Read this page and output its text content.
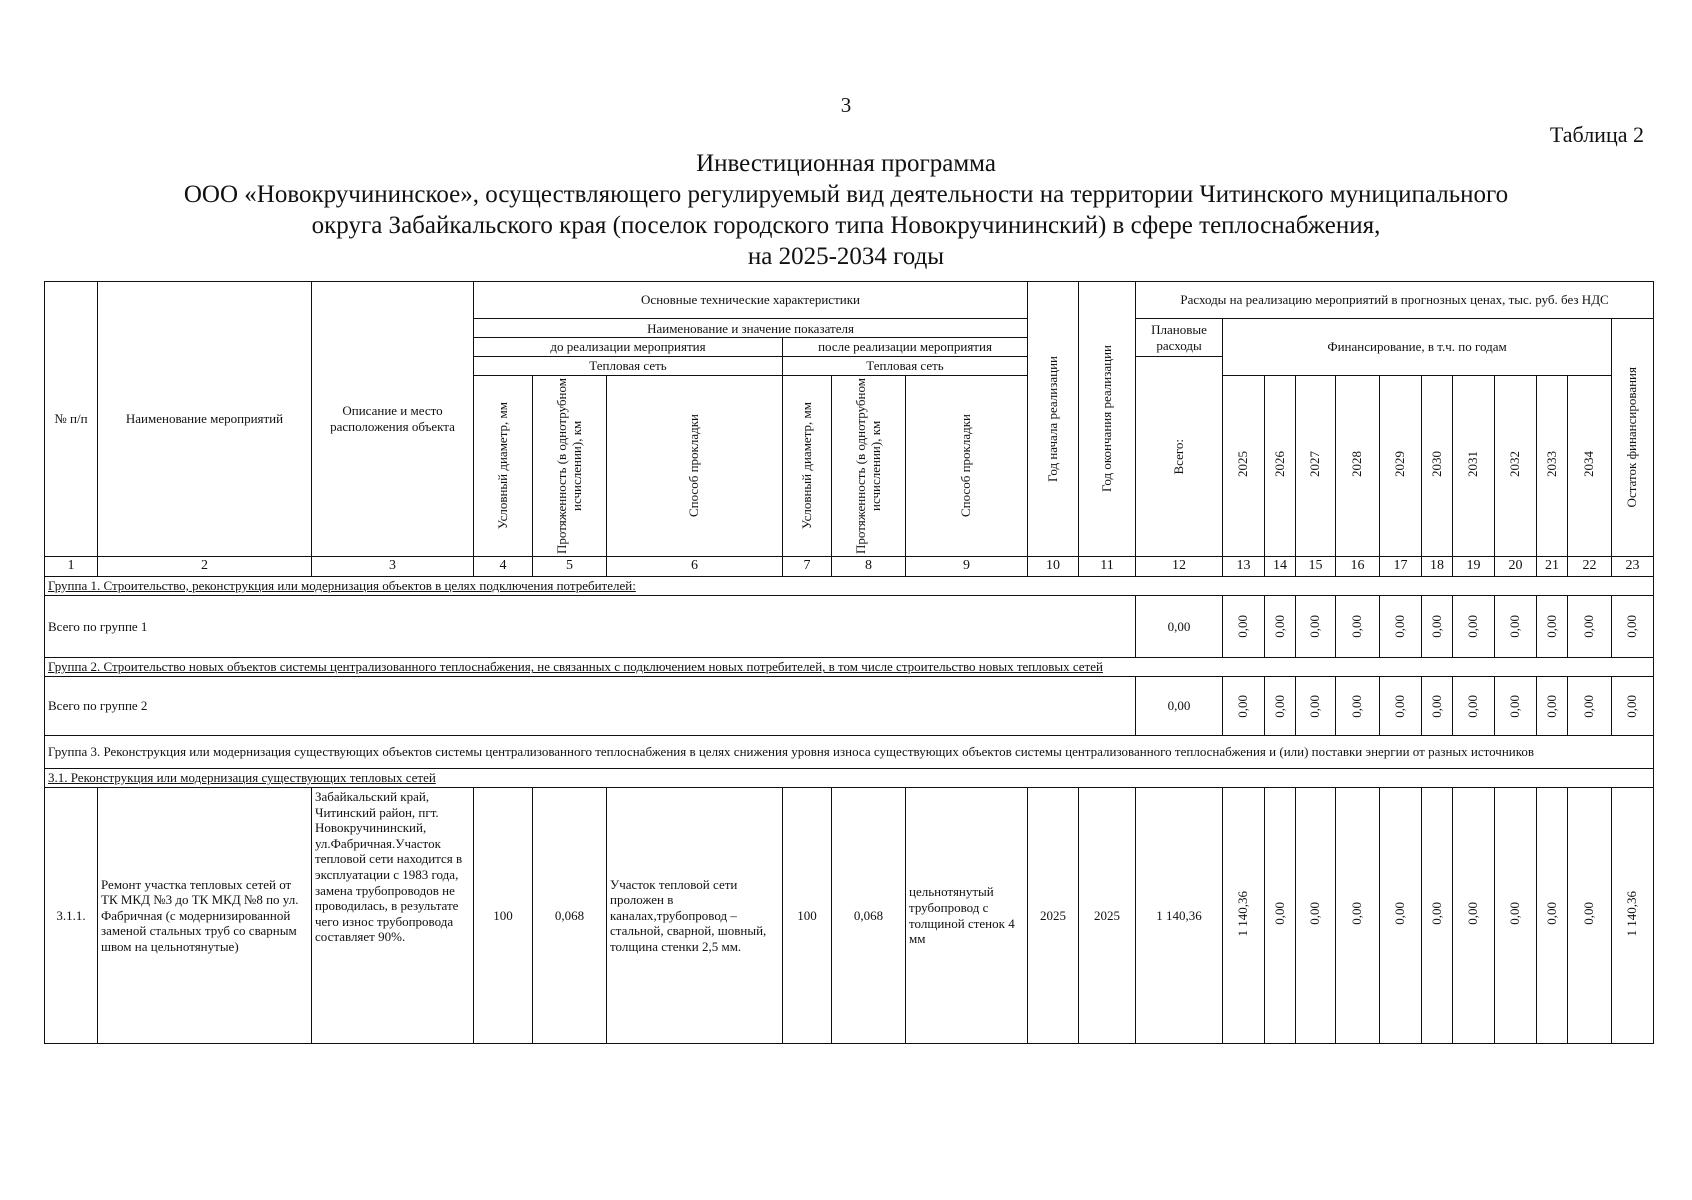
3
Таблица 2
Инвестиционная программа
ООО «Новокручининское», осуществляющего регулируемый вид деятельности на территории Читинского муниципального
округа Забайкальского края (поселок городского типа Новокручининский) в сфере теплоснабжения,
на 2025-2034 годы
№ п/п	Наименование мероприятий	Описание и место расположения объекта	Основные технические характеристики						Год начала реализации	Год окончания реализации	Расходы на реализацию мероприятий в прогнозных ценах, тыс. руб. без НДС											
			Наименование и значение показателя								Плановые расходы	Финансирование, в т.ч. по годам										Остаток финансирования

			до реализации мероприятия			после реализации мероприятия																
			Тепловая сеть			Тепловая сеть					Всего:											

			Условный диаметр, мм	Протяженность (в однотрубном исчислении), км	Способ прокладки	Условный диаметр, мм	Протяженность (в однотрубном исчислении), км	Способ прокладки				2025	2026	2027	2028	2029	2030	2031	2032	2033	2034	
1	2	3	4	5	6	7	8	9	10	11	12	13	14	15	16	17	18	19	20	21	22	23
Группа 1. Строительство, реконструкция или модернизация объектов в целях подключения потребителей:																						
Всего по группе 1											0,00	0,00	0,00	0,00	0,00	0,00	0,00	0,00	0,00	0,00	0,00	0,00

Группа 2. Строительство новых объектов системы централизованного теплоснабжения, не связанных с подключением новых потребителей, в том числе строительство новых тепловых сетей																						
Всего по группе 2											0,00	0,00	0,00	0,00	0,00	0,00	0,00	0,00	0,00	0,00	0,00	0,00

Группа 3. Реконструкция или модернизация существующих объектов системы централизованного теплоснабжения в целях снижения уровня износа существующих объектов системы централизованного теплоснабжения и (или) поставки энергии от разных источников																						
3.1. Реконструкция или модернизация существующих тепловых сетей																						
3.1.1.	Ремонт участка тепловых сетей от ТК МКД №3 до ТК МКД №8 по ул. Фабричная (с модернизированной заменой стальных труб со сварным швом на цельнотянутые)	Забайкальский край, Читинский район, пгт. Новокручининский, ул.Фабричная.Участок тепловой сети находится в эксплуатации с 1983 года, замена трубопроводов не проводилась, в результате чего износ трубопровода составляет 90%.	100	0,068	Участок тепловой сети проложен в каналах,трубопровод – стальной, сварной, шовный, толщина стенки 2,5 мм.	100	0,068	цельнотянутый трубопровод с толщиной стенок 4 мм	2025	2025	1 140,36	1 140,36	0,00	0,00	0,00	0,00	0,00	0,00	0,00	0,00	0,00	1 140,36
